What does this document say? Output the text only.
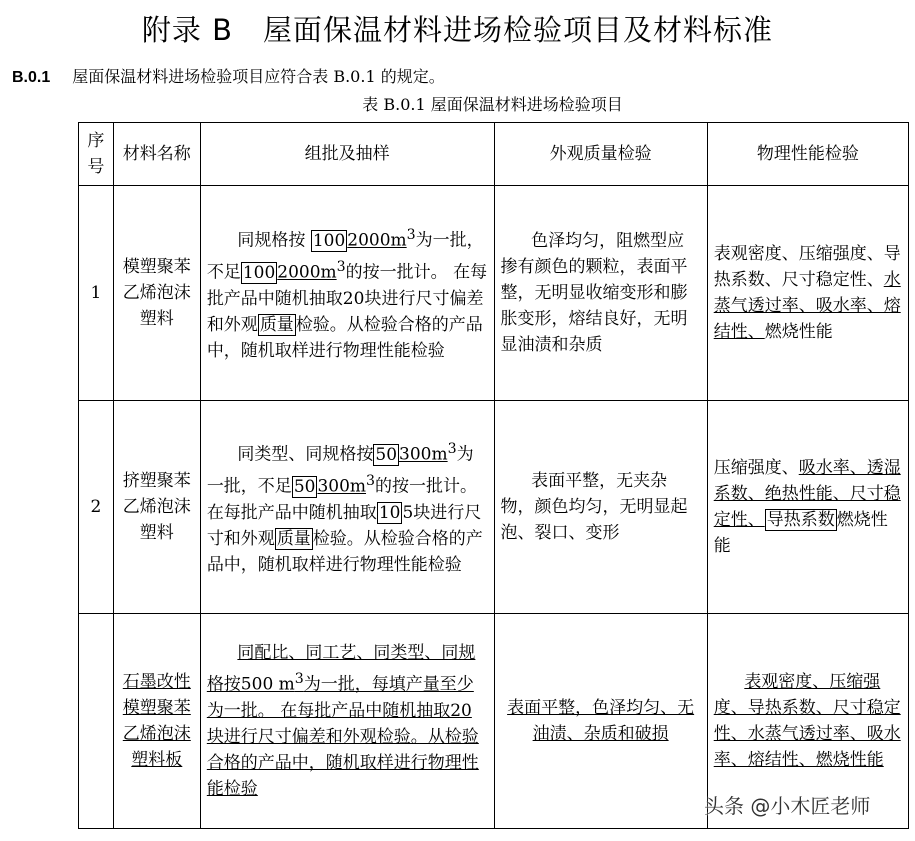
附录 B 屋面保温材料进场检验项目及材料标准
B.0.1 屋面保温材料进场检验项目应符合表 B.0.1 的规定。
表 B.0.1 屋面保温材料进场检验项目
序号	材料名称	组批及抽样	外观质量检验	物理性能检验
1	模塑聚苯乙烯泡沫塑料	同规格按 100 $2000m^3$为一批，不足 100 $2000m^3$的按一批计。 在每批产品中随机抽取20块进行尺寸偏差和外观 质量 检验。从检验合格的产品中，随机取样进行物理性能检验	色泽均匀，阻燃型应掺有颜色的颗粒，表面平整，无明显收缩变形和膨胀变形，熔结良好，无明显油渍和杂质	表观密度、压缩强度、导热系数、尺寸稳定性、水蒸气透过率、吸水率、熔结性、燃烧性能
2	挤塑聚苯乙烯泡沫塑料	同类型、同规格按 50 $300m^3$为一批，不足 50 $300m^3$的按一批计。在每批产品中随机抽取 10 5块进行尺寸和外观 质量 检验。从检验合格的产品中，随机取样进行物理性能检验	表面平整，无夹杂物，颜色均匀，无明显起泡、裂口、变形	压缩强度、吸水率、透湿系数、绝热性能、尺寸稳定性、 导热系数 燃烧性能
	石墨改性模塑聚苯乙烯泡沫塑料板	同配比、同工艺、同类型、同规格按500 $m^3$为一批，每填产量至少为一批。 在每批产品中随机抽取20块进行尺寸偏差和外观检验。从检验合格的产品中，随机取样进行物理性能检验	表面平整，色泽均匀、无油渍、杂质和破损	表观密度、压缩强度、导热系数、尺寸稳定性、水蒸气透过率、吸水率、熔结性、燃烧性能
头条 @小木匠老师
